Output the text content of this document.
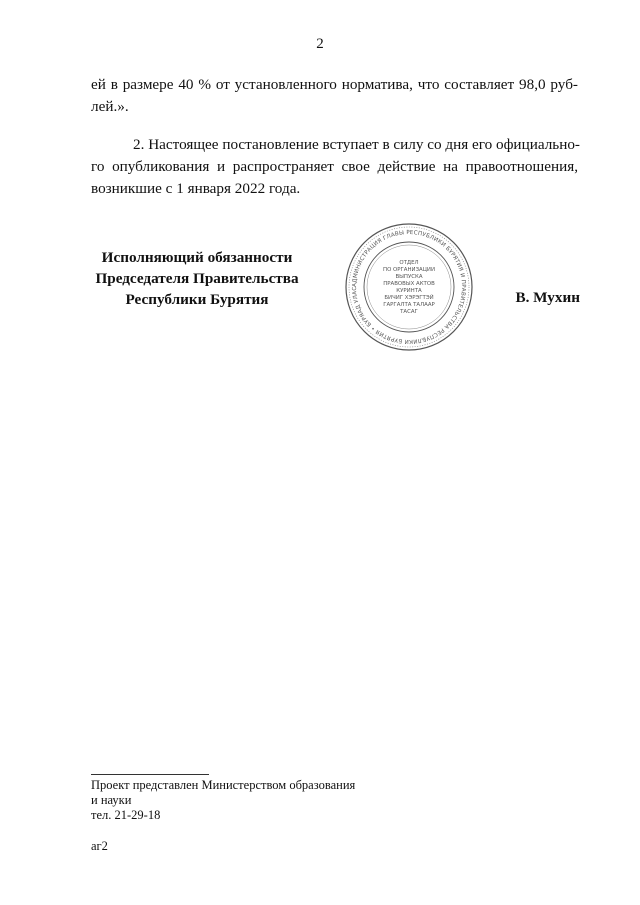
2
ей в размере 40 % от установленного норматива, что составляет 98,0 руб-
лей.».
2. Настоящее постановление вступает в силу со дня его официально-
го опубликования и распространяет свое действие на правоотношения,
возникшие с 1 января 2022 года.
Исполняющий обязанности
Председателя Правительства
Республики Бурятия
АДМИНИСТРАЦИЯ ГЛАВЫ РЕСПУБЛИКИ БУРЯТИЯ И ПРАВИТЕЛЬСТВА РЕСПУБЛИКИ БУРЯТИЯ • БУРЯАД УЛАС
ОТДЕЛ
ПО ОРГАНИЗАЦИИ
ВЫПУСКА
ПРАВОВЫХ АКТОВ
КУРИНТА
БИЧИГ ХЭРЭГТЭЙ
ГАРГАЛТА ТАЛААР
ТАСАГ
В. Мухин
Проект представлен Министерством образования
и науки
тел. 21-29-18
аг2
